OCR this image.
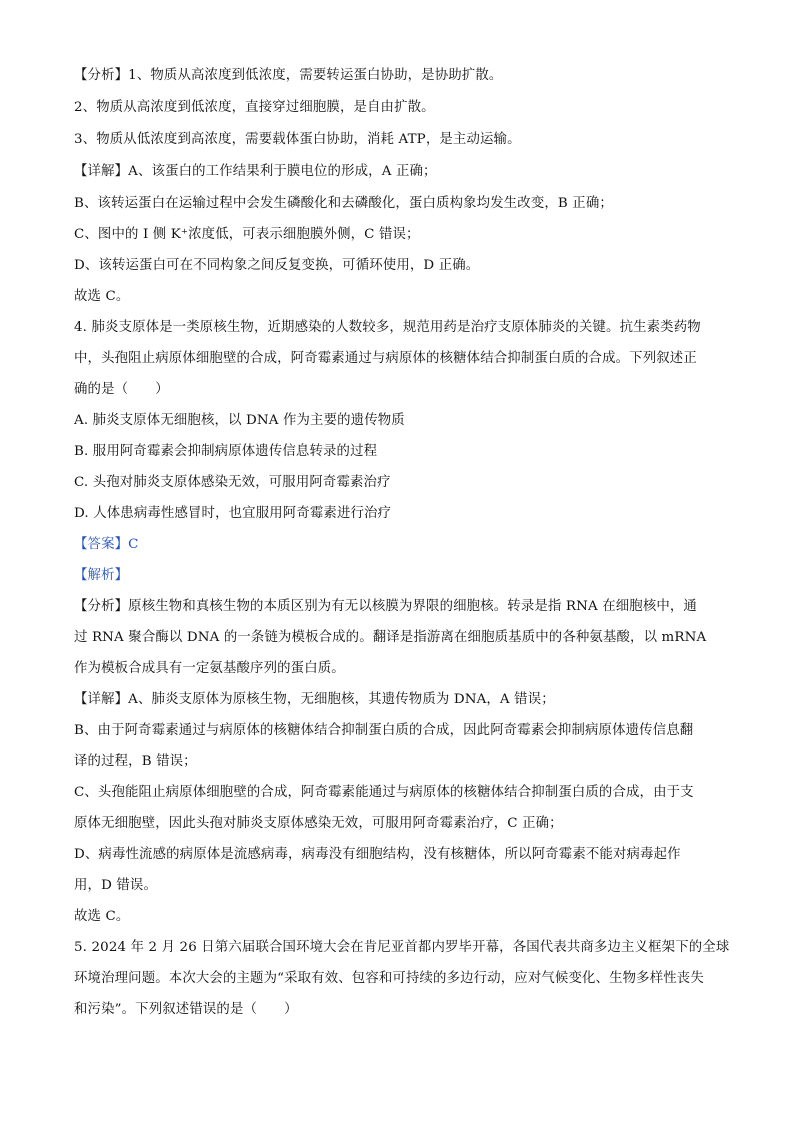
【分析】1、物质从高浓度到低浓度，需要转运蛋白协助，是协助扩散。
2、物质从高浓度到低浓度，直接穿过细胞膜，是自由扩散。
3、物质从低浓度到高浓度，需要载体蛋白协助，消耗 ATP，是主动运输。
【详解】A、该蛋白的工作结果利于膜电位的形成，A 正确；
B、该转运蛋白在运输过程中会发生磷酸化和去磷酸化，蛋白质构象均发生改变，B 正确；
C、图中的 I 侧 K⁺浓度低，可表示细胞膜外侧，C 错误；
D、该转运蛋白可在不同构象之间反复变换，可循环使用，D 正确。
故选 C。
4. 肺炎支原体是一类原核生物，近期感染的人数较多，规范用药是治疗支原体肺炎的关键。抗生素类药物
中，头孢阻止病原体细胞壁的合成，阿奇霉素通过与病原体的核糖体结合抑制蛋白质的合成。下列叙述正
确的是（　　）
A. 肺炎支原体无细胞核，以 DNA 作为主要的遗传物质
B. 服用阿奇霉素会抑制病原体遗传信息转录的过程
C. 头孢对肺炎支原体感染无效，可服用阿奇霉素治疗
D. 人体患病毒性感冒时，也宜服用阿奇霉素进行治疗
【答案】C
【解析】
【分析】原核生物和真核生物的本质区别为有无以核膜为界限的细胞核。转录是指 RNA 在细胞核中，通
过 RNA 聚合酶以 DNA 的一条链为模板合成的。翻译是指游离在细胞质基质中的各种氨基酸，以 mRNA
作为模板合成具有一定氨基酸序列的蛋白质。
【详解】A、肺炎支原体为原核生物，无细胞核，其遗传物质为 DNA，A 错误；
B、由于阿奇霉素通过与病原体的核糖体结合抑制蛋白质的合成，因此阿奇霉素会抑制病原体遗传信息翻
译的过程，B 错误；
C、头孢能阻止病原体细胞壁的合成，阿奇霉素能通过与病原体的核糖体结合抑制蛋白质的合成，由于支
原体无细胞壁，因此头孢对肺炎支原体感染无效，可服用阿奇霉素治疗，C 正确；
D、病毒性流感的病原体是流感病毒，病毒没有细胞结构，没有核糖体，所以阿奇霉素不能对病毒起作
用，D 错误。
故选 C。
5. 2024 年 2 月 26 日第六届联合国环境大会在肯尼亚首都内罗毕开幕，各国代表共商多边主义框架下的全球
环境治理问题。本次大会的主题为“采取有效、包容和可持续的多边行动，应对气候变化、生物多样性丧失
和污染”。下列叙述错误的是（　　）
